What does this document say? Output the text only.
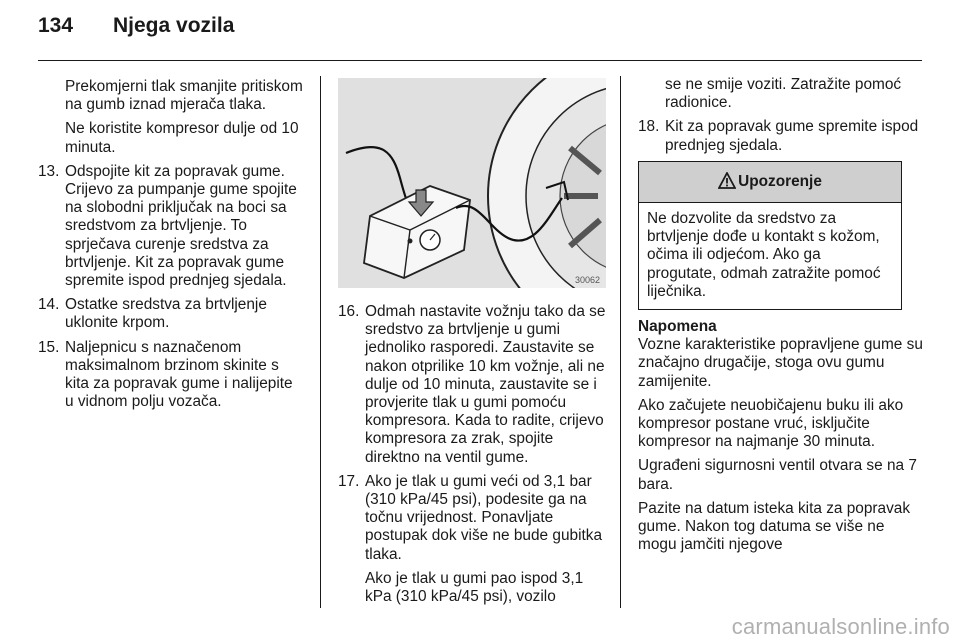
134 Njega vozila

Prekomjerni tlak smanjite pritiskom na gumb iznad mjerača tlaka.

Ne koristite kompresor dulje od 10 minuta.

13. Odspojite kit za popravak gume. Crijevo za pumpanje gume spojite na slobodni priključak na boci sa sredstvom za brtvljenje. To sprječava curenje sredstva za brtvljenje. Kit za popravak gume spremite ispod prednjeg sjedala.
14. Ostatke sredstva za brtvljenje uklonite krpom.
15. Naljepnicu s naznačenom maksimalnom brzinom skinite s kita za popravak gume i nalijepite u vidnom polju vozača.
30062
16. Odmah nastavite vožnju tako da se sredstvo za brtvljenje u gumi jednoliko rasporedi. Zaustavite se nakon otprilike 10 km vožnje, ali ne dulje od 10 minuta, zaustavite se i provjerite tlak u gumi pomoću kompresora. Kada to radite, crijevo kompresora za zrak, spojite direktno na ventil gume.
17. Ako je tlak u gumi veći od 3,1 bar (310 kPa/45 psi), podesite ga na točnu vrijednost. Ponavljate postupak dok više ne bude gubitka tlaka.

Ako je tlak u gumi pao ispod 3,1 kPa (310 kPa/45 psi), vozilo

se ne smije voziti. Zatražite pomoć radionice.

18. Kit za popravak gume spremite ispod prednjeg sjedala.
Upozorenje
Ne dozvolite da sredstvo za brtvljenje dođe u kontakt s kožom, očima ili odjećom. Ako ga progutate, odmah zatražite pomoć liječnika.
Napomena

Vozne karakteristike popravljene gume su značajno drugačije, stoga ovu gumu zamijenite.

Ako začujete neuobičajenu buku ili ako kompresor postane vruć, isključite kompresor na najmanje 30 minuta.

Ugrađeni sigurnosni ventil otvara se na 7 bara.

Pazite na datum isteka kita za popravak gume. Nakon tog datuma se više ne mogu jamčiti njegove

carmanualsonline.info
